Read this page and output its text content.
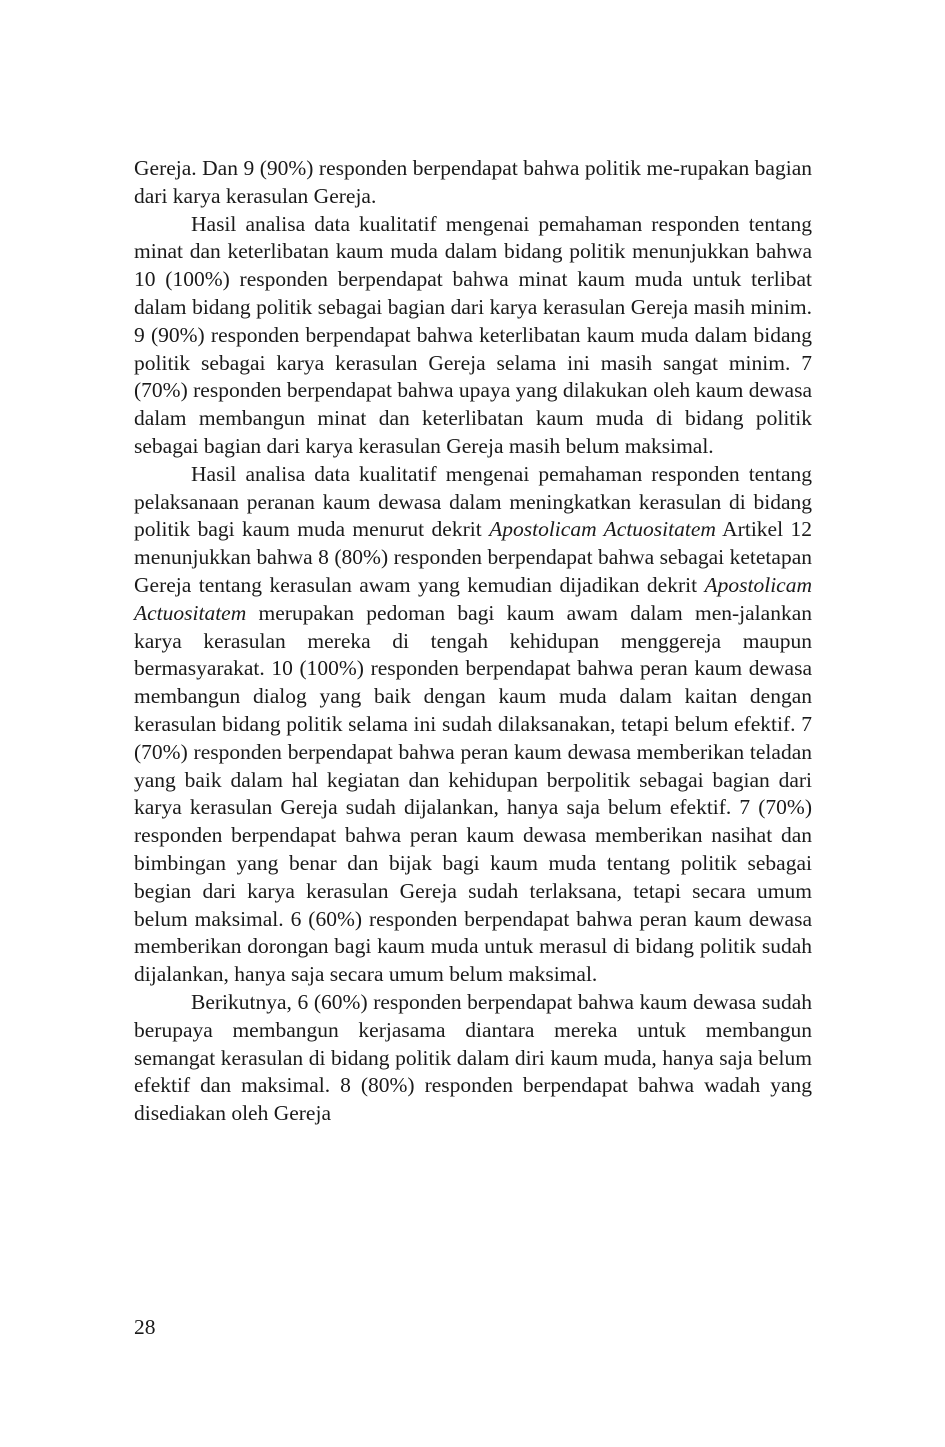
Gereja. Dan 9 (90%) responden berpendapat bahwa politik me-rupakan bagian dari karya kerasulan Gereja.

Hasil analisa data kualitatif mengenai pemahaman responden tentang minat dan keterlibatan kaum muda dalam bidang politik menunjukkan bahwa 10 (100%) responden berpendapat bahwa minat kaum muda untuk terlibat dalam bidang politik sebagai bagian dari karya kerasulan Gereja masih minim. 9 (90%) responden berpendapat bahwa keterlibatan kaum muda dalam bidang politik sebagai karya kerasulan Gereja selama ini masih sangat minim. 7 (70%) responden berpendapat bahwa upaya yang dilakukan oleh kaum dewasa dalam membangun minat dan keterlibatan kaum muda di bidang politik sebagai bagian dari karya kerasulan Gereja masih belum maksimal.

Hasil analisa data kualitatif mengenai pemahaman responden tentang pelaksanaan peranan kaum dewasa dalam meningkatkan kerasulan di bidang politik bagi kaum muda menurut dekrit Apostolicam Actuositatem Artikel 12 menunjukkan bahwa 8 (80%) responden berpendapat bahwa sebagai ketetapan Gereja tentang kerasulan awam yang kemudian dijadikan dekrit Apostolicam Actuositatem merupakan pedoman bagi kaum awam dalam men-jalankan karya kerasulan mereka di tengah kehidupan menggereja maupun bermasyarakat. 10 (100%) responden berpendapat bahwa peran kaum dewasa membangun dialog yang baik dengan kaum muda dalam kaitan dengan kerasulan bidang politik selama ini sudah dilaksanakan, tetapi belum efektif. 7 (70%) responden berpendapat bahwa peran kaum dewasa memberikan teladan yang baik dalam hal kegiatan dan kehidupan berpolitik sebagai bagian dari karya kerasulan Gereja sudah dijalankan, hanya saja belum efektif. 7 (70%) responden berpendapat bahwa peran kaum dewasa memberikan nasihat dan bimbingan yang benar dan bijak bagi kaum muda tentang politik sebagai begian dari karya kerasulan Gereja sudah terlaksana, tetapi secara umum belum maksimal. 6 (60%) responden berpendapat bahwa peran kaum dewasa memberikan dorongan bagi kaum muda untuk merasul di bidang politik sudah dijalankan, hanya saja secara umum belum maksimal.

Berikutnya, 6 (60%) responden berpendapat bahwa kaum dewasa sudah berupaya membangun kerjasama diantara mereka untuk membangun semangat kerasulan di bidang politik dalam diri kaum muda, hanya saja belum efektif dan maksimal. 8 (80%) responden berpendapat bahwa wadah yang disediakan oleh Gereja

28
